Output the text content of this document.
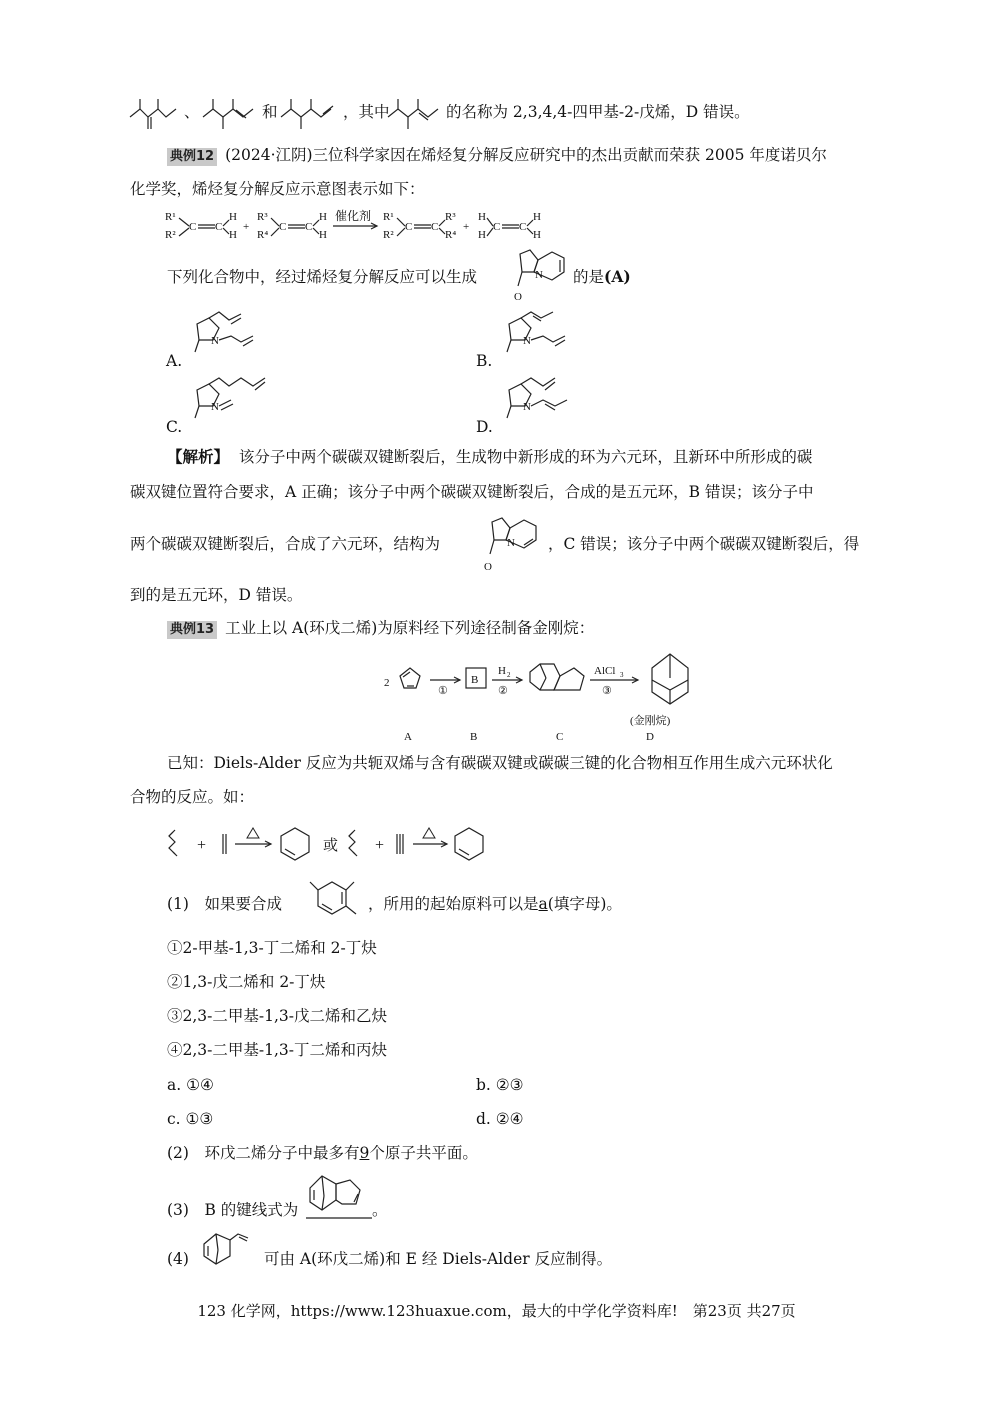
、	和	，其中	的名称为 2,3,4,4-四甲基-2-戊烯，D 错误。
典例12 (2024·江阴)三位科学家因在烯烃复分解反应研究中的杰出贡献而荣获 2005 年度诺贝尔
化学奖，烯烃复分解反应示意图表示如下：
R¹
R²
C C
H
H
+
R³
R⁴
C C
H
H
催化剂 R¹
R²
C C
R³
R⁴
+
H
H
C C
H
H
下列化合物中，经过烯烃复分解反应可以生成
O
N 的是(A)
N
A.
N
B.
N
C.
N
D.
【解析】 该分子中两个碳碳双键断裂后，生成物中新形成的环为六元环，且新环中所形成的碳
碳双键位置符合要求，A 正确；该分子中两个碳碳双键断裂后，合成的是五元环，B 错误；该分子中
两个碳碳双键断裂后，合成了六元环，结构为
O
N ，C 错误；该分子中两个碳碳双键断裂后，得
到的是五元环，D 错误。
典例13 工业上以 A(环戊二烯)为原料经下列途径制备金刚烷：
2
①
B
H 2
②
AlCl 3
③
(金刚烷)
A	B	C	D
已知：Diels-Alder 反应为共轭双烯与含有碳碳双键或碳碳三键的化合物相互作用生成六元环状化
合物的反应。如：
+	或 +
(1)　如果要合成	，所用的起始原料可以是a(填字母)。
①2-甲基-1,3-丁二烯和 2-丁炔
②1,3-戊二烯和 2-丁炔
③2,3-二甲基-1,3-戊二烯和乙炔
④2,3-二甲基-1,3-丁二烯和丙炔
a. ①④	b. ②③
c. ①③	d. ②④
(2)　环戊二烯分子中最多有9个原子共平面。
(3)　B 的键线式为	。
(4)	可由 A(环戊二烯)和 E 经 Diels-Alder 反应制得。
123 化学网，https://www.123huaxue.com，最大的中学化学资料库!　第23页 共27页
